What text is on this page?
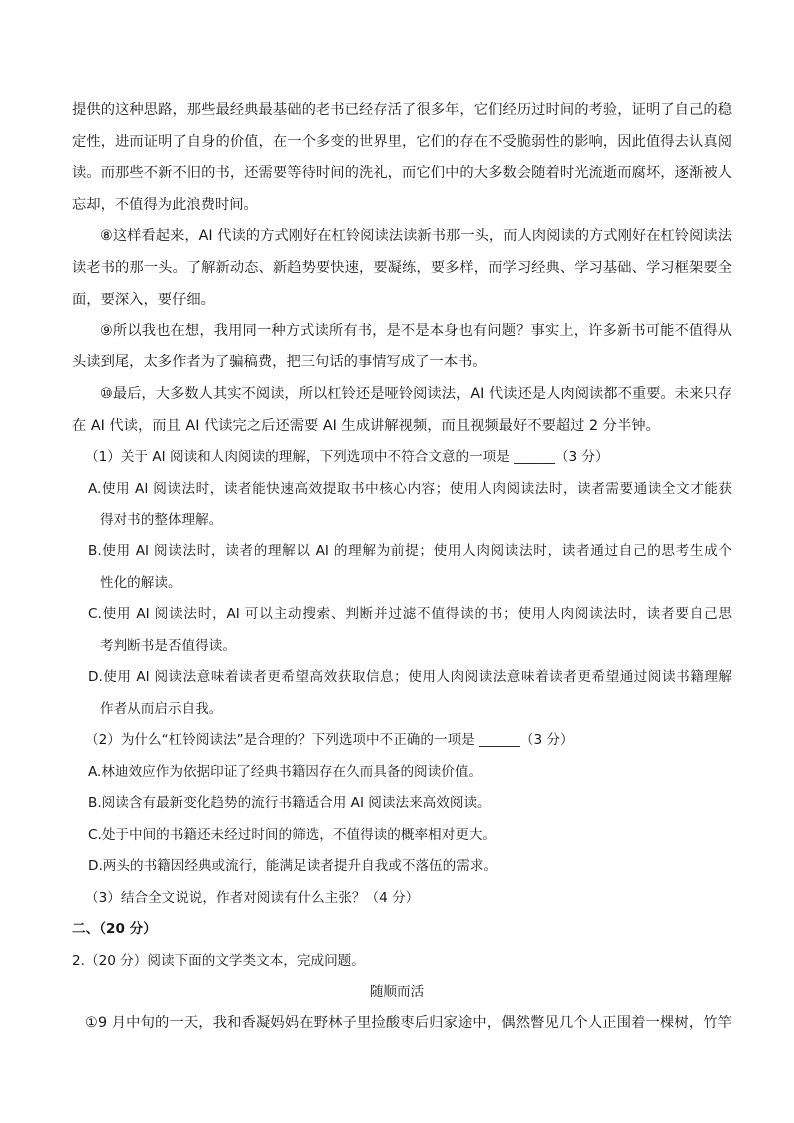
提供的这种思路，那些最经典最基础的老书已经存活了很多年，它们经历过时间的考验，证明了自己的稳
定性，进而证明了自身的价值，在一个多变的世界里，它们的存在不受脆弱性的影响，因此值得去认真阅
读。而那些不新不旧的书，还需要等待时间的洗礼，而它们中的大多数会随着时光流逝而腐坏，逐渐被人
忘却，不值得为此浪费时间。
⑧这样看起来，AI 代读的方式刚好在杠铃阅读法读新书那一头，而人肉阅读的方式刚好在杠铃阅读法
读老书的那一头。了解新动态、新趋势要快速，要凝练，要多样，而学习经典、学习基础、学习框架要全
面，要深入，要仔细。
⑨所以我也在想，我用同一种方式读所有书，是不是本身也有问题？事实上，许多新书可能不值得从
头读到尾，太多作者为了骗稿费，把三句话的事情写成了一本书。
⑩最后，大多数人其实不阅读，所以杠铃还是哑铃阅读法，AI 代读还是人肉阅读都不重要。未来只存
在 AI 代读，而且 AI 代读完之后还需要 AI 生成讲解视频，而且视频最好不要超过 2 分半钟。
（1）关于 AI 阅读和人肉阅读的理解，下列选项中不符合文意的一项是 ______（3 分）
A.使用 AI 阅读法时，读者能快速高效提取书中核心内容；使用人肉阅读法时，读者需要通读全文才能获
得对书的整体理解。
B.使用 AI 阅读法时，读者的理解以 AI 的理解为前提；使用人肉阅读法时，读者通过自己的思考生成个
性化的解读。
C.使用 AI 阅读法时，AI 可以主动搜索、判断并过滤不值得读的书；使用人肉阅读法时，读者要自己思
考判断书是否值得读。
D.使用 AI 阅读法意味着读者更希望高效获取信息；使用人肉阅读法意味着读者更希望通过阅读书籍理解
作者从而启示自我。
（2）为什么“杠铃阅读法”是合理的？下列选项中不正确的一项是 ______（3 分）
A.林迪效应作为依据印证了经典书籍因存在久而具备的阅读价值。
B.阅读含有最新变化趋势的流行书籍适合用 AI 阅读法来高效阅读。
C.处于中间的书籍还未经过时间的筛选，不值得读的概率相对更大。
D.两头的书籍因经典或流行，能满足读者提升自我或不落伍的需求。
（3）结合全文说说，作者对阅读有什么主张？（4 分）
二、（20 分）
2.（20 分）阅读下面的文学类文本，完成问题。
随顺而活
①9 月中旬的一天，我和香凝妈妈在野林子里捡酸枣后归家途中，偶然瞥见几个人正围着一棵树，竹竿
